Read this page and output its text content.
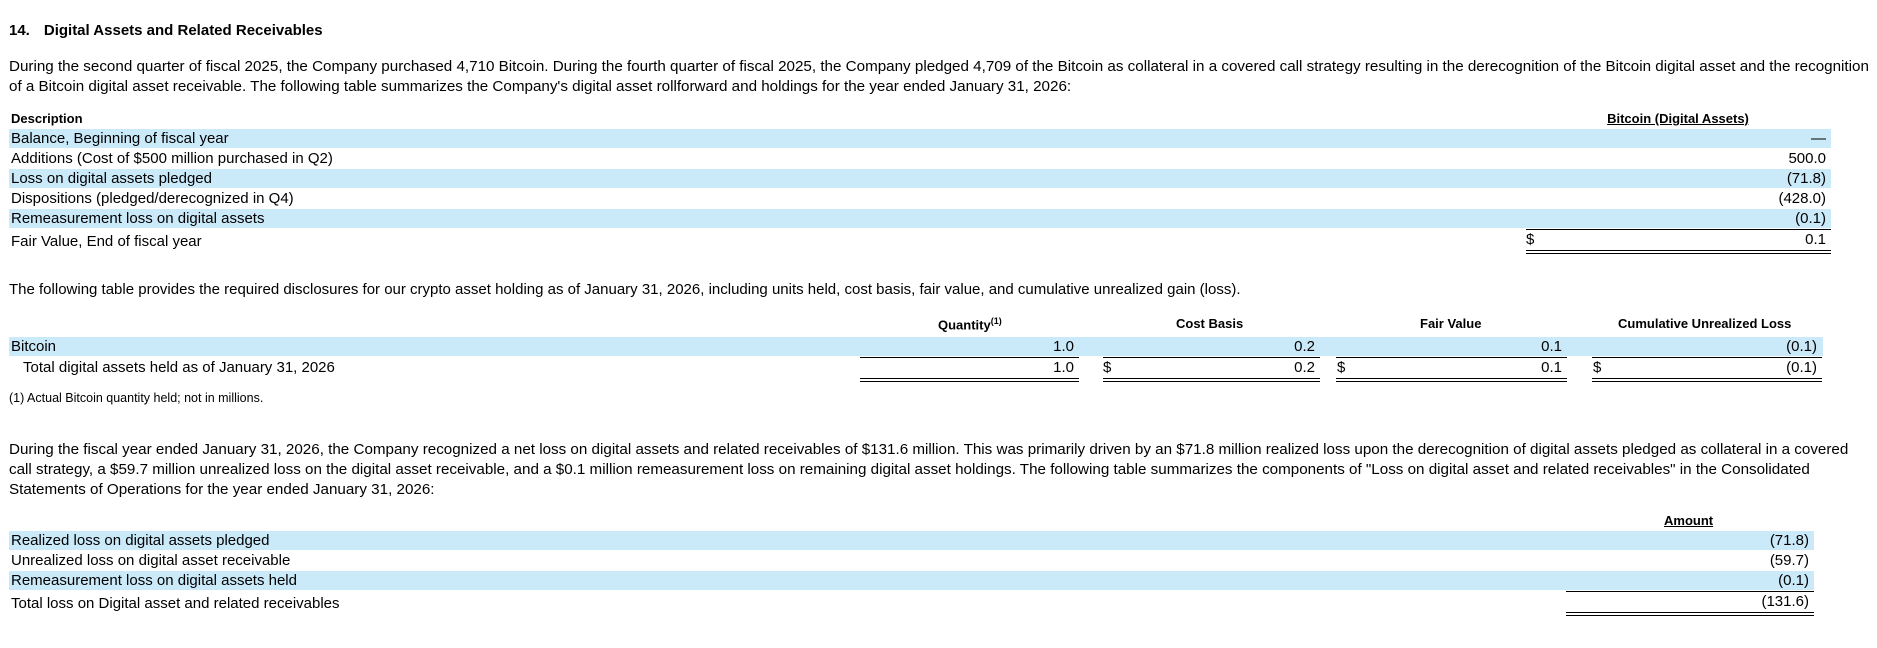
14. Digital Assets and Related Receivables
During the second quarter of fiscal 2025, the Company purchased 4,710 Bitcoin. During the fourth quarter of fiscal 2025, the Company pledged 4,709 of the Bitcoin as collateral in a covered call strategy resulting in the derecognition of the Bitcoin digital asset and the recognition of a Bitcoin digital asset receivable. The following table summarizes the Company's digital asset rollforward and holdings for the year ended January 31, 2026:
Description	Bitcoin (Digital Assets)
Balance, Beginning of fiscal year	—
Additions (Cost of $500 million purchased in Q2)	500.0
Loss on digital assets pledged	(71.8)
Dispositions (pledged/derecognized in Q4)	(428.0)
Remeasurement loss on digital assets	(0.1)
Fair Value, End of fiscal year	$	0.1
The following table provides the required disclosures for our crypto asset holding as of January 31, 2026, including units held, cost basis, fair value, and cumulative unrealized gain (loss).
Quantity$^{(1)}$	Cost Basis	Fair Value	Cumulative Unrealized Loss
Bitcoin	1.0	0.2	0.1	(0.1)
Total digital assets held as of January 31, 2026	1.0 $	0.2 $	0.1 $	(0.1)
(1) Actual Bitcoin quantity held; not in millions.
During the fiscal year ended January 31, 2026, the Company recognized a net loss on digital assets and related receivables of $131.6 million. This was primarily driven by an $71.8 million realized loss upon the derecognition of digital assets pledged as collateral in a covered call strategy, a $59.7 million unrealized loss on the digital asset receivable, and a $0.1 million remeasurement loss on remaining digital asset holdings. The following table summarizes the components of "Loss on digital asset and related receivables" in the Consolidated Statements of Operations for the year ended January 31, 2026:
Amount
Realized loss on digital assets pledged	(71.8)
Unrealized loss on digital asset receivable	(59.7)
Remeasurement loss on digital assets held	(0.1)
Total loss on Digital asset and related receivables	(131.6)
